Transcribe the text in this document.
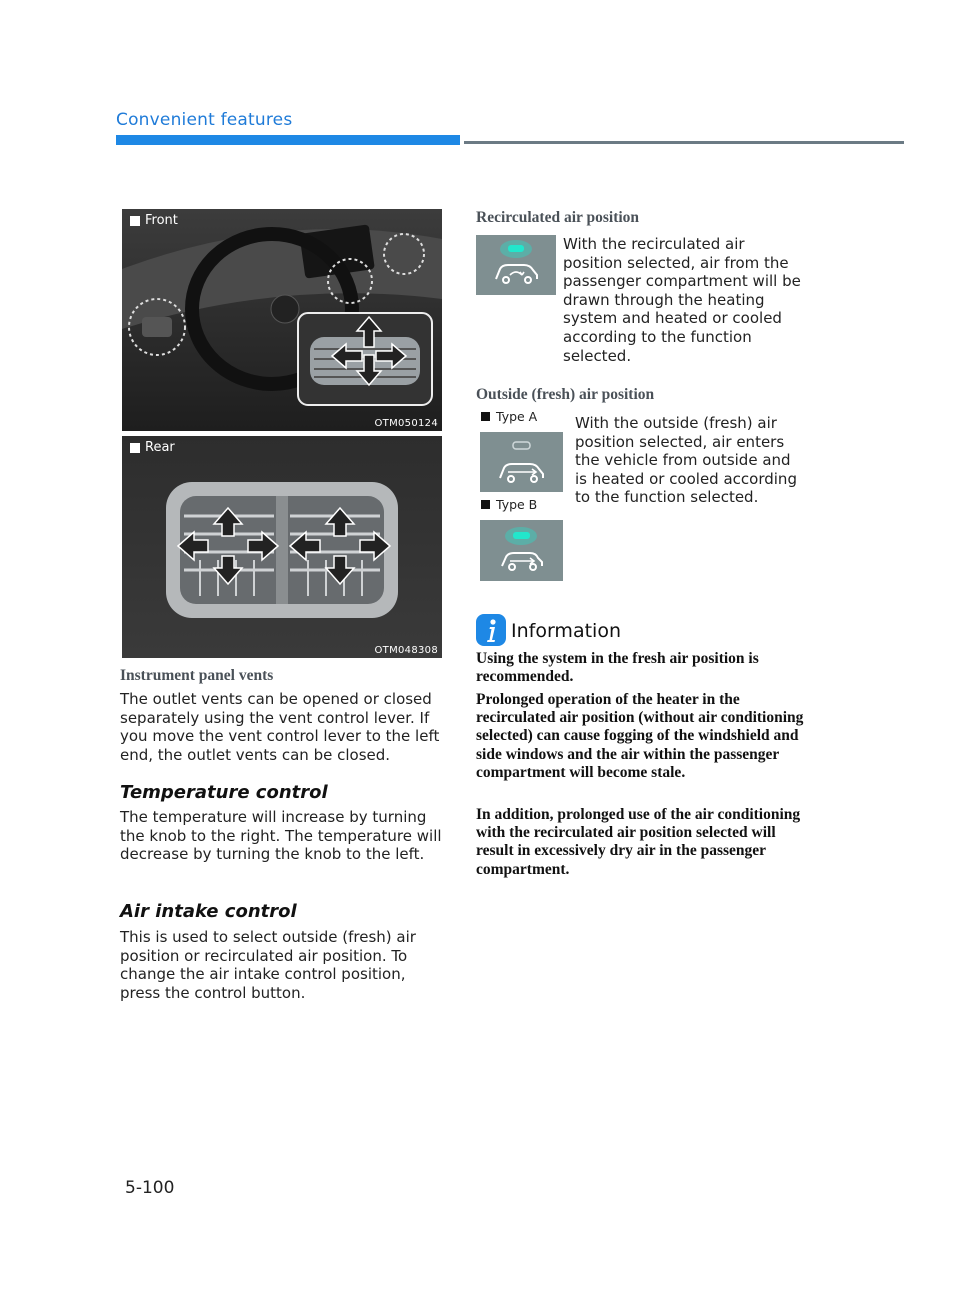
Convenient features
Front
OTM050124
Rear
OTM048308
Instrument panel vents
The outlet vents can be opened or closed separately using the vent control lever. If you move the vent control lever to the left end, the outlet vents can be closed.
Temperature control
The temperature will increase by turning the knob to the right. The temperature will decrease by turning the knob to the left.
Air intake control
This is used to select outside (fresh) air position or recirculated air position. To change the air intake control position, press the control button.
Recirculated air position
With the recirculated air position selected, air from the passenger compartment will be drawn through the heating system and heated or cooled according to the function selected.
Outside (fresh) air position
Type A
Type B
With the outside (fresh) air position selected, air enters the vehicle from outside and is heated or cooled according to the function selected.
Information
Using the system in the fresh air position is recommended.
Prolonged operation of the heater in the recirculated air position (without air conditioning selected) can cause fogging of the windshield and side windows and the air within the passenger compartment will become stale.
In addition, prolonged use of the air conditioning with the recirculated air position selected will result in excessively dry air in the passenger compartment.
5-100
